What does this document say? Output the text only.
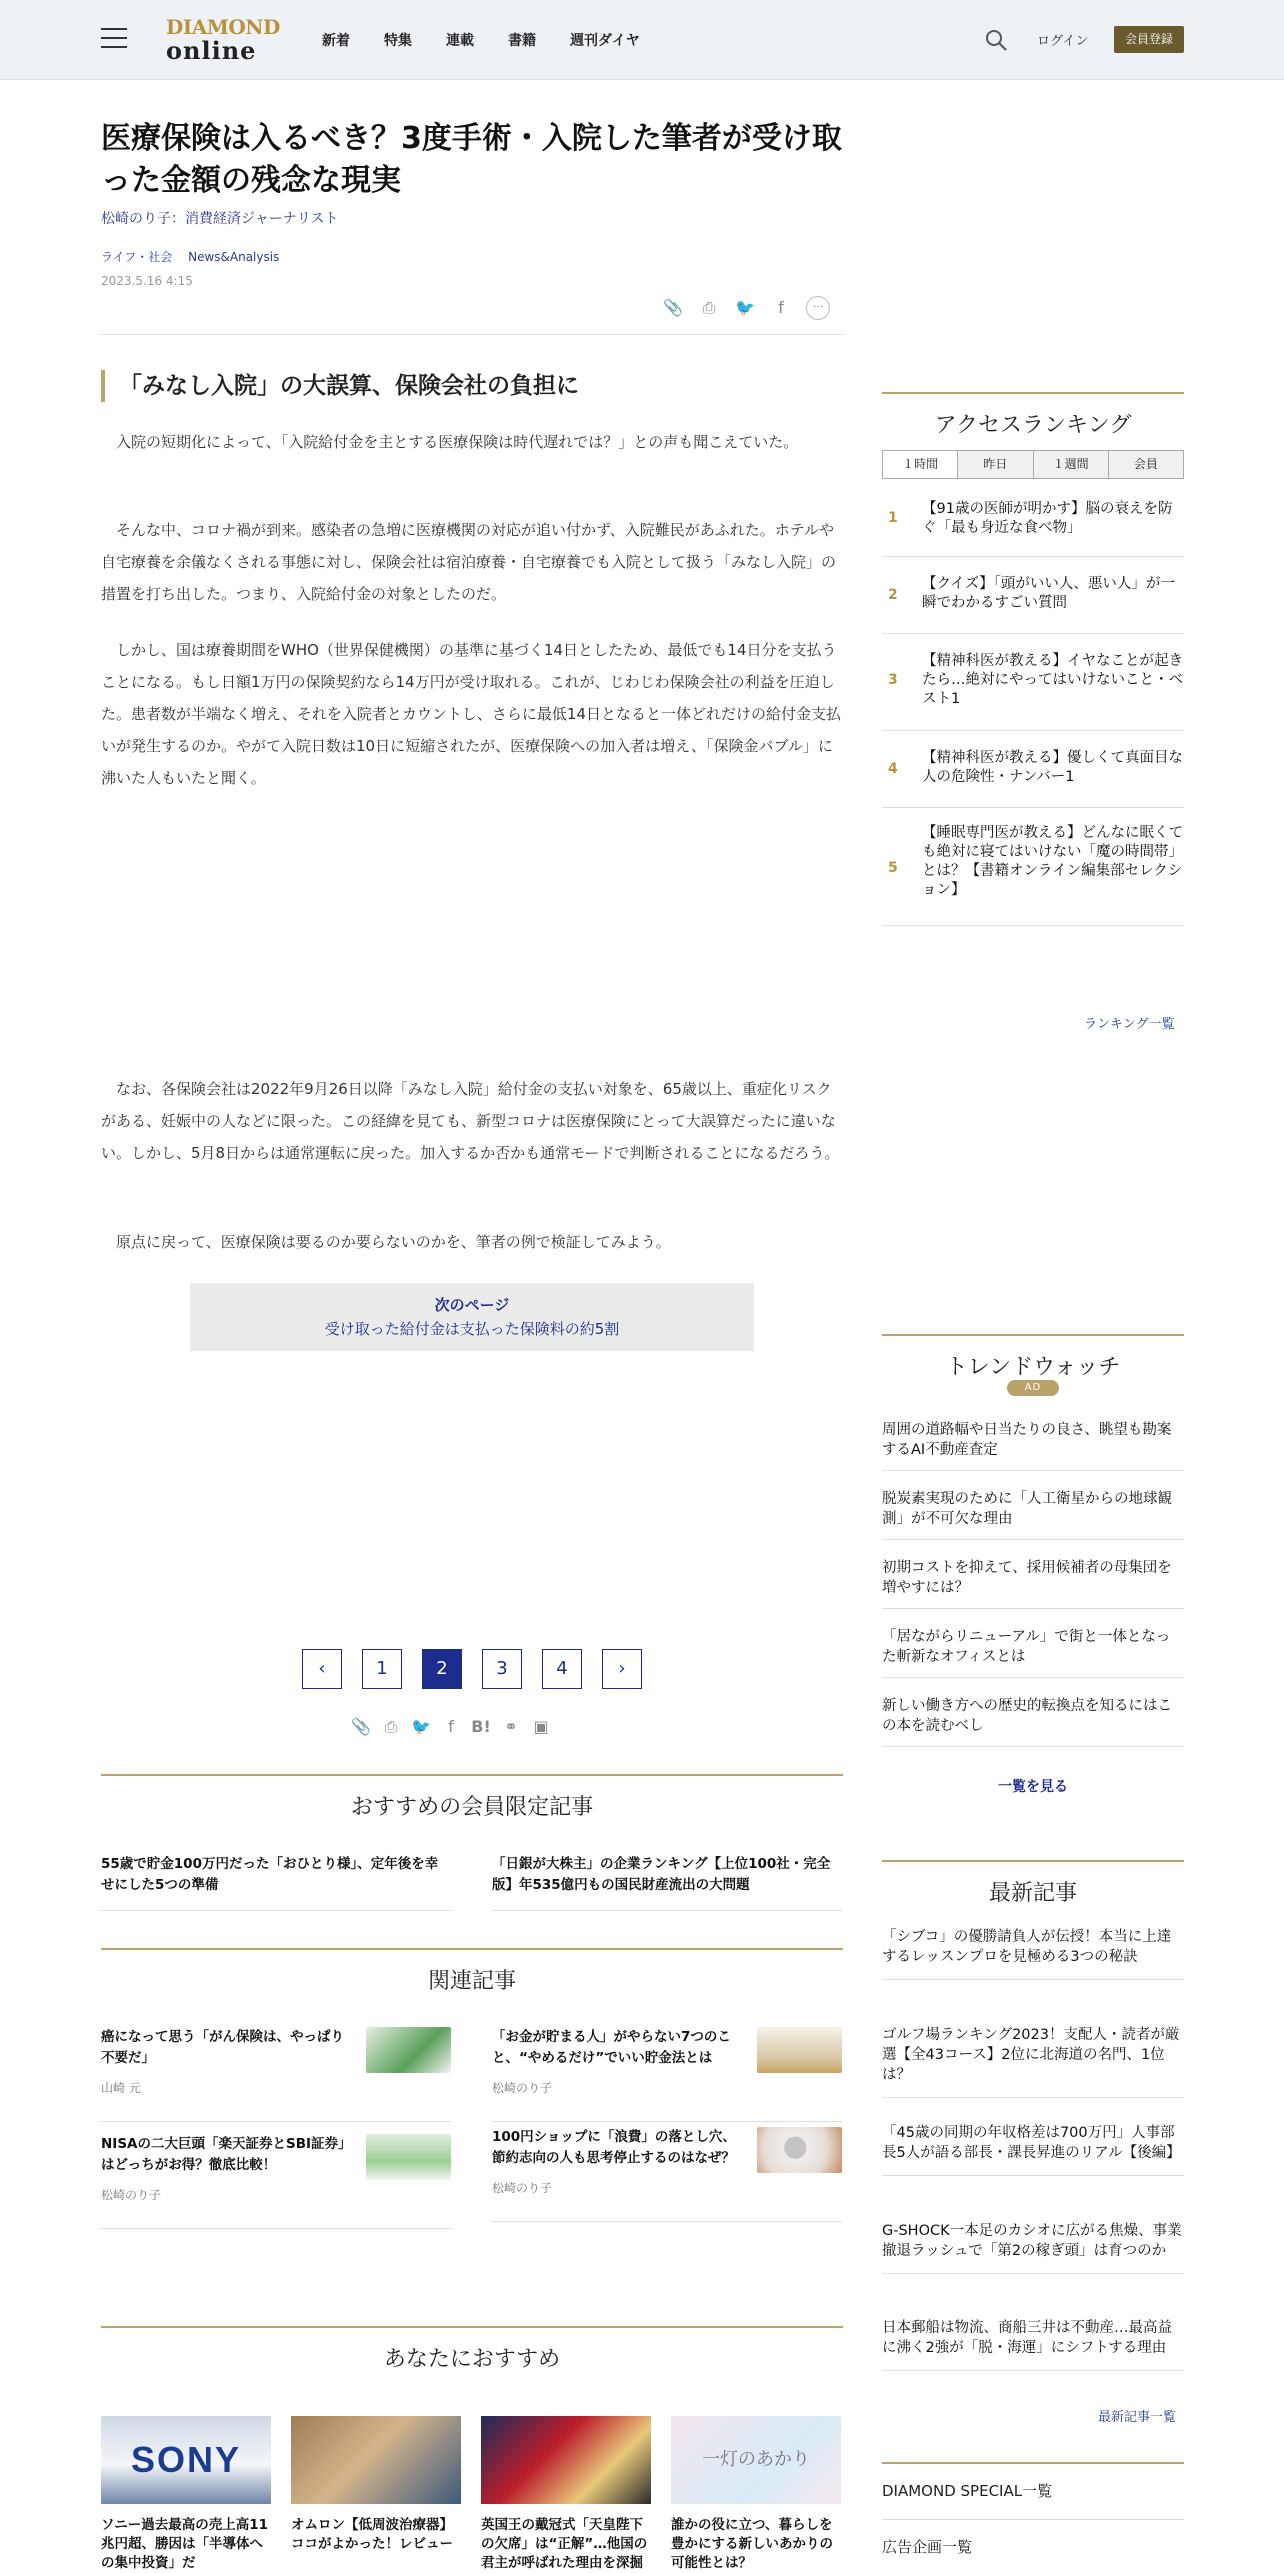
DIAMOND
online	新着 特集 連載 書籍 週刊ダイヤ	ログイン	会員登録
医療保険は入るべき？3度手術・入院した筆者が受け取った金額の残念な現実
松崎のり子：消費経済ジャーナリスト
ライフ・社会 News&Analysis
2023.5.16 4:15
📎 ⎙ 🐦	f	···
「みなし入院」の大誤算、保険会社の負担に

入院の短期化によって、「入院給付金を主とする医療保険は時代遅れでは？」との声も聞こえていた。

そんな中、コロナ禍が到来。感染者の急増に医療機関の対応が追い付かず、入院難民があふれた。ホテルや自宅療養を余儀なくされる事態に対し、保険会社は宿泊療養・自宅療養でも入院として扱う「みなし入院」の措置を打ち出した。つまり、入院給付金の対象としたのだ。

しかし、国は療養期間をWHO（世界保健機関）の基準に基づく14日としたため、最低でも14日分を支払うことになる。もし日額1万円の保険契約なら14万円が受け取れる。これが、じわじわ保険会社の利益を圧迫した。患者数が半端なく増え、それを入院者とカウントし、さらに最低14日となると一体どれだけの給付金支払いが発生するのか。やがて入院日数は10日に短縮されたが、医療保険への加入者は増え、「保険金バブル」に沸いた人もいたと聞く。

なお、各保険会社は2022年9月26日以降「みなし入院」給付金の支払い対象を、65歳以上、重症化リスクがある、妊娠中の人などに限った。この経緯を見ても、新型コロナは医療保険にとって大誤算だったに違いない。しかし、5月8日からは通常運転に戻った。加入するか否かも通常モードで判断されることになるだろう。

原点に戻って、医療保険は要るのか要らないのかを、筆者の例で検証してみよう。

次のページ
受け取った給付金は支払った保険料の約5割
‹	1	2	3	4	›
📎 ⎙ 🐦	f	B! ⚭ ▣
おすすめの会員限定記事
55歳で貯金100万円だった「おひとり様」、定年後を幸せにした5つの準備
「日銀が大株主」の企業ランキング【上位100社・完全版】年535億円もの国民財産流出の大問題
関連記事
癌になって思う「がん保険は、やっぱり不要だ」
山崎 元
「お金が貯まる人」がやらない7つのこと、“やめるだけ”でいい貯金法とは
松崎のり子
NISAの二大巨頭「楽天証券とSBI証券」はどっちがお得？徹底比較！
松崎のり子
100円ショップに「浪費」の落とし穴、節約志向の人も思考停止するのはなぜ？
松崎のり子
あなたにおすすめ
SONY
ソニー過去最高の売上高11兆円超、勝因は「半導体への集中投資」だ
オムロン【低周波治療器】ココがよかった！レビュー
英国王の戴冠式「天皇陛下の欠席」は“正解”…他国の君主が呼ばれた理由を深掘
一灯のあかり
誰かの役に立つ、暮らしを豊かにする新しいあかりの可能性とは？
アクセスランキング
１時間	昨日	１週間	会員
1
【91歳の医師が明かす】脳の衰えを防ぐ「最も身近な食べ物」
2
【クイズ】「頭がいい人、悪い人」が一瞬でわかるすごい質問
3
【精神科医が教える】イヤなことが起きたら…絶対にやってはいけないこと・ベスト1
4
【精神科医が教える】優しくて真面目な人の危険性・ナンバー1
5
【睡眠専門医が教える】どんなに眠くても絶対に寝てはいけない「魔の時間帯」とは？【書籍オンライン編集部セレクション】
ランキング一覧
トレンドウォッチ
AD
周囲の道路幅や日当たりの良さ、眺望も勘案するAI不動産査定
脱炭素実現のために「人工衛星からの地球観測」が不可欠な理由
初期コストを抑えて、採用候補者の母集団を増やすには？
「居ながらリニューアル」で街と一体となった斬新なオフィスとは
新しい働き方への歴史的転換点を知るにはこの本を読むべし
一覧を見る
最新記事
「シブコ」の優勝請負人が伝授！本当に上達するレッスンプロを見極める3つの秘訣
ゴルフ場ランキング2023！支配人・読者が厳選【全43コース】2位に北海道の名門、1位は？
「45歳の同期の年収格差は700万円」人事部長5人が語る部長・課長昇進のリアル【後編】
G-SHOCK一本足のカシオに広がる焦燥、事業撤退ラッシュで「第2の稼ぎ頭」は育つのか
日本郵船は物流、商船三井は不動産…最高益に沸く2強が「脱・海運」にシフトする理由
最新記事一覧
DIAMOND SPECIAL一覧
広告企画一覧
